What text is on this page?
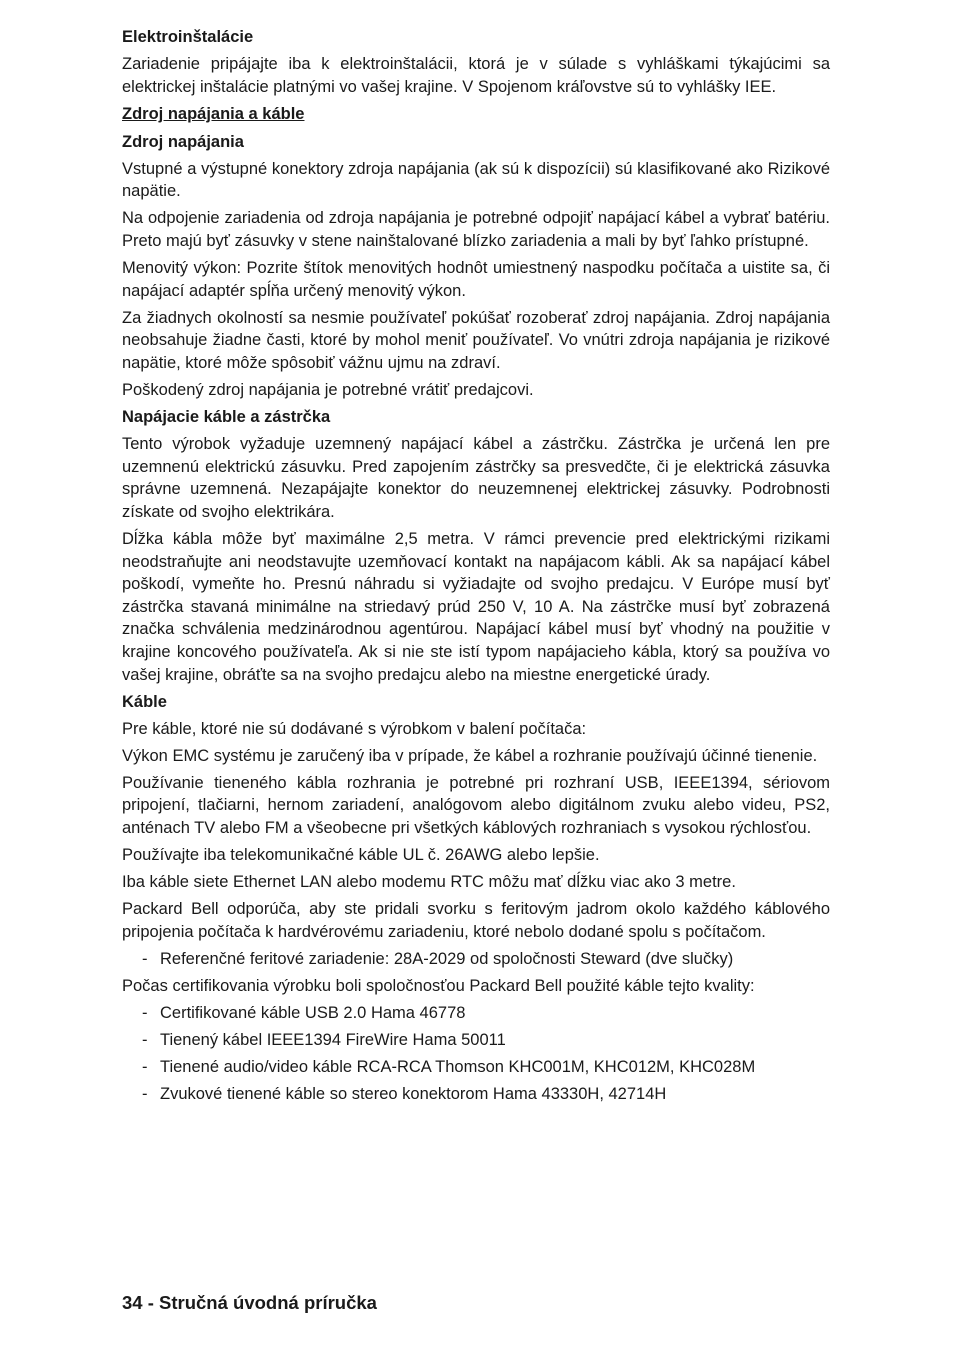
Elektroinštalácie

Zariadenie pripájajte iba k elektroinštalácii, ktorá je v súlade s vyhláškami týkajúcimi sa elektrickej inštalácie platnými vo vašej krajine. V Spojenom kráľovstve sú to vyhlášky IEE.

Zdroj napájania a káble
Zdroj napájania

Vstupné a výstupné konektory zdroja napájania (ak sú k dispozícii) sú klasifikované ako Rizikové napätie.

Na odpojenie zariadenia od zdroja napájania je potrebné odpojiť napájací kábel a vybrať batériu. Preto majú byť zásuvky v stene nainštalované blízko zariadenia a mali by byť ľahko prístupné.

Menovitý výkon: Pozrite štítok menovitých hodnôt umiestnený naspodku počítača a uistite sa, či napájací adaptér spĺňa určený menovitý výkon.

Za žiadnych okolností sa nesmie používateľ pokúšať rozoberať zdroj napájania. Zdroj napájania neobsahuje žiadne časti, ktoré by mohol meniť používateľ. Vo vnútri zdroja napájania je rizikové napätie, ktoré môže spôsobiť vážnu ujmu na zdraví.

Poškodený zdroj napájania je potrebné vrátiť predajcovi.

Napájacie káble a zástrčka

Tento výrobok vyžaduje uzemnený napájací kábel a zástrčku. Zástrčka je určená len pre uzemnenú elektrickú zásuvku. Pred zapojením zástrčky sa presvedčte, či je elektrická zásuvka správne uzemnená. Nezapájajte konektor do neuzemnenej elektrickej zásuvky. Podrobnosti získate od svojho elektrikára.

Dĺžka kábla môže byť maximálne 2,5 metra. V rámci prevencie pred elektrickými rizikami neodstraňujte ani neodstavujte uzemňovací kontakt na napájacom kábli. Ak sa napájací kábel poškodí, vymeňte ho. Presnú náhradu si vyžiadajte od svojho predajcu. V Európe musí byť zástrčka stavaná minimálne na striedavý prúd 250 V, 10 A. Na zástrčke musí byť zobrazená značka schválenia medzinárodnou agentúrou. Napájací kábel musí byť vhodný na použitie v krajine koncového používateľa. Ak si nie ste istí typom napájacieho kábla, ktorý sa používa vo vašej krajine, obráťte sa na svojho predajcu alebo na miestne energetické úrady.

Káble

Pre káble, ktoré nie sú dodávané s výrobkom v balení počítača:

Výkon EMC systému je zaručený iba v prípade, že kábel a rozhranie používajú účinné tienenie.

Používanie tieneného kábla rozhrania je potrebné pri rozhraní USB, IEEE1394, sériovom pripojení, tlačiarni, hernom zariadení, analógovom alebo digitálnom zvuku alebo videu, PS2, anténach TV alebo FM a všeobecne pri všetkých káblových rozhraniach s vysokou rýchlosťou.

Používajte iba telekomunikačné káble UL č. 26AWG alebo lepšie.

Iba káble siete Ethernet LAN alebo modemu RTC môžu mať dĺžku viac ako 3 metre.

Packard Bell odporúča, aby ste pridali svorku s feritovým jadrom okolo každého káblového pripojenia počítača k hardvérovému zariadeniu, ktoré nebolo dodané spolu s počítačom.

- Referenčné feritové zariadenie: 28A-2029 od spoločnosti Steward (dve slučky)

Počas certifikovania výrobku boli spoločnosťou Packard Bell použité káble tejto kvality:

- Certifikované káble USB 2.0 Hama 46778
- Tienený kábel IEEE1394 FireWire Hama 50011
- Tienené audio/video káble RCA-RCA Thomson KHC001M, KHC012M, KHC028M
- Zvukové tienené káble so stereo konektorom Hama 43330H, 42714H
34 - Stručná úvodná príručka
